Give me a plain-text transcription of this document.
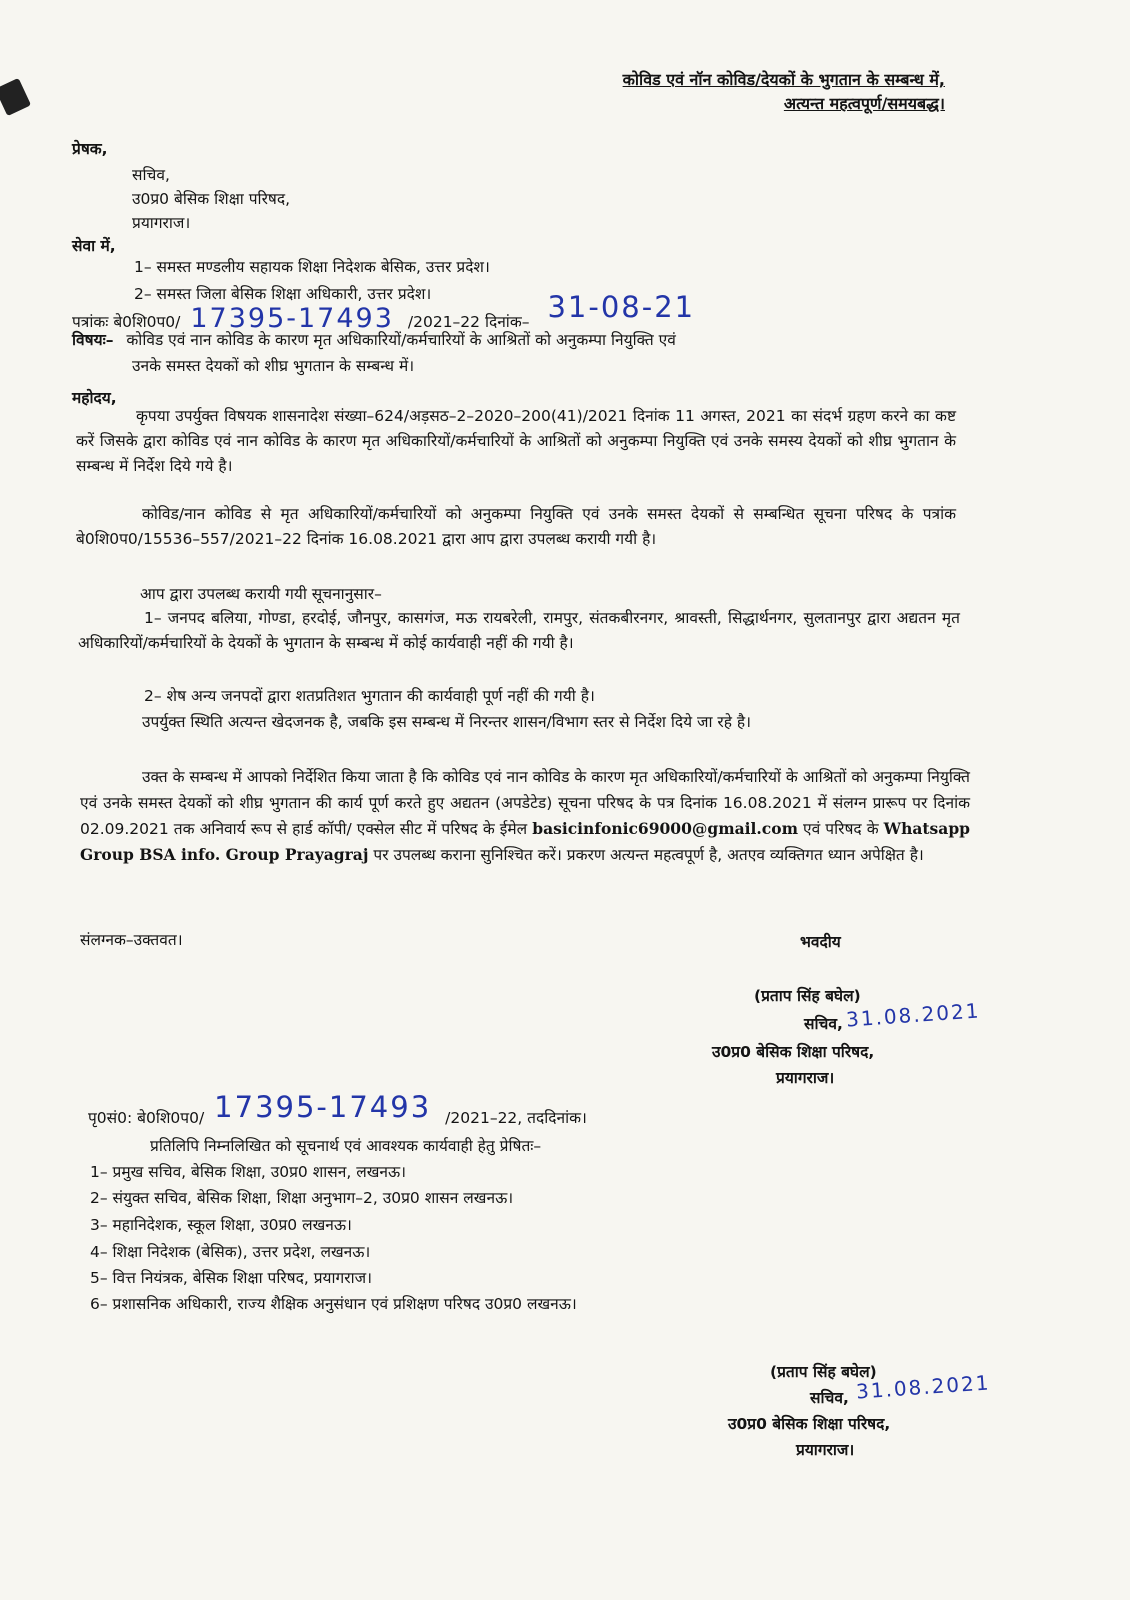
कोविड एवं नॉन कोविड/देयकों के भुगतान के सम्बन्ध में,
अत्यन्त महत्वपूर्ण/समयबद्ध।
प्रेषक,
सचिव,
उ0प्र0 बेसिक शिक्षा परिषद,
प्रयागराज।
सेवा में,
1– समस्त मण्डलीय सहायक शिक्षा निदेशक बेसिक, उत्तर प्रदेश।
2– समस्त जिला बेसिक शिक्षा अधिकारी, उत्तर प्रदेश।
पत्रांकः बे0शि0प0/ 17395-17493 /2021–22 दिनांक– 31-08-21
विषयः– कोविड एवं नान कोविड के कारण मृत अधिकारियों/कर्मचारियों के आश्रितों को अनुकम्पा नियुक्ति एवं
उनके समस्त देयकों को शीघ्र भुगतान के सम्बन्ध में।
महोदय,
कृपया उपर्युक्त विषयक शासनादेश संख्या–624/अड़सठ–2–2020–200(41)/2021 दिनांक 11 अगस्त, 2021 का संदर्भ ग्रहण करने का कष्ट करें जिसके द्वारा कोविड एवं नान कोविड के कारण मृत अधिकारियों/कर्मचारियों के आश्रितों को अनुकम्पा नियुक्ति एवं उनके समस्य देयकों को शीघ्र भुगतान के सम्बन्ध में निर्देश दिये गये है।
कोविड/नान कोविड से मृत अधिकारियों/कर्मचारियों को अनुकम्पा नियुक्ति एवं उनके समस्त देयकों से सम्बन्धित सूचना परिषद के पत्रांक बे0शि0प0/15536–557/2021–22 दिनांक 16.08.2021 द्वारा आप द्वारा उपलब्ध करायी गयी है।
आप द्वारा उपलब्ध करायी गयी सूचनानुसार–
1– जनपद बलिया, गोण्डा, हरदोई, जौनपुर, कासगंज, मऊ रायबरेली, रामपुर, संतकबीरनगर, श्रावस्ती, सिद्धार्थनगर, सुलतानपुर द्वारा अद्यतन मृत अधिकारियों/कर्मचारियों के देयकों के भुगतान के सम्बन्ध में कोई कार्यवाही नहीं की गयी है।
2– शेष अन्य जनपदों द्वारा शतप्रतिशत भुगतान की कार्यवाही पूर्ण नहीं की गयी है।
उपर्युक्त स्थिति अत्यन्त खेदजनक है, जबकि इस सम्बन्ध में निरन्तर शासन/विभाग स्तर से निर्देश दिये जा रहे है।
उक्त के सम्बन्ध में आपको निर्देशित किया जाता है कि कोविड एवं नान कोविड के कारण मृत अधिकारियों/कर्मचारियों के आश्रितों को अनुकम्पा नियुक्ति एवं उनके समस्त देयकों को शीघ्र भुगतान की कार्य पूर्ण करते हुए अद्यतन (अपडेटेड) सूचना परिषद के पत्र दिनांक 16.08.2021 में संलग्न प्रारूप पर दिनांक 02.09.2021 तक अनिवार्य रूप से हार्ड कॉपी/ एक्सेल सीट में परिषद के ईमेल basicinfonic69000@gmail.com एवं परिषद के Whatsapp Group BSA info. Group Prayagraj पर उपलब्ध कराना सुनिश्चित करें। प्रकरण अत्यन्त महत्वपूर्ण है, अतएव व्यक्तिगत ध्यान अपेक्षित है।
संलग्नक–उक्तवत।	भवदीय
(प्रताप सिंह बघेल)
सचिव, 31.08.2021
उ0प्र0 बेसिक शिक्षा परिषद,
प्रयागराज।
पृ0सं0: बे0शि0प0/ 17395-17493 /2021–22, तददिनांक।
प्रतिलिपि निम्नलिखित को सूचनार्थ एवं आवश्यक कार्यवाही हेतु प्रेषितः–
1– प्रमुख सचिव, बेसिक शिक्षा, उ0प्र0 शासन, लखनऊ।
2– संयुक्त सचिव, बेसिक शिक्षा, शिक्षा अनुभाग–2, उ0प्र0 शासन लखनऊ।
3– महानिदेशक, स्कूल शिक्षा, उ0प्र0 लखनऊ।
4– शिक्षा निदेशक (बेसिक), उत्तर प्रदेश, लखनऊ।
5– वित्त नियंत्रक, बेसिक शिक्षा परिषद, प्रयागराज।
6– प्रशासनिक अधिकारी, राज्य शैक्षिक अनुसंधान एवं प्रशिक्षण परिषद उ0प्र0 लखनऊ।
(प्रताप सिंह बघेल)
सचिव, 31.08.2021
उ0प्र0 बेसिक शिक्षा परिषद,
प्रयागराज।
